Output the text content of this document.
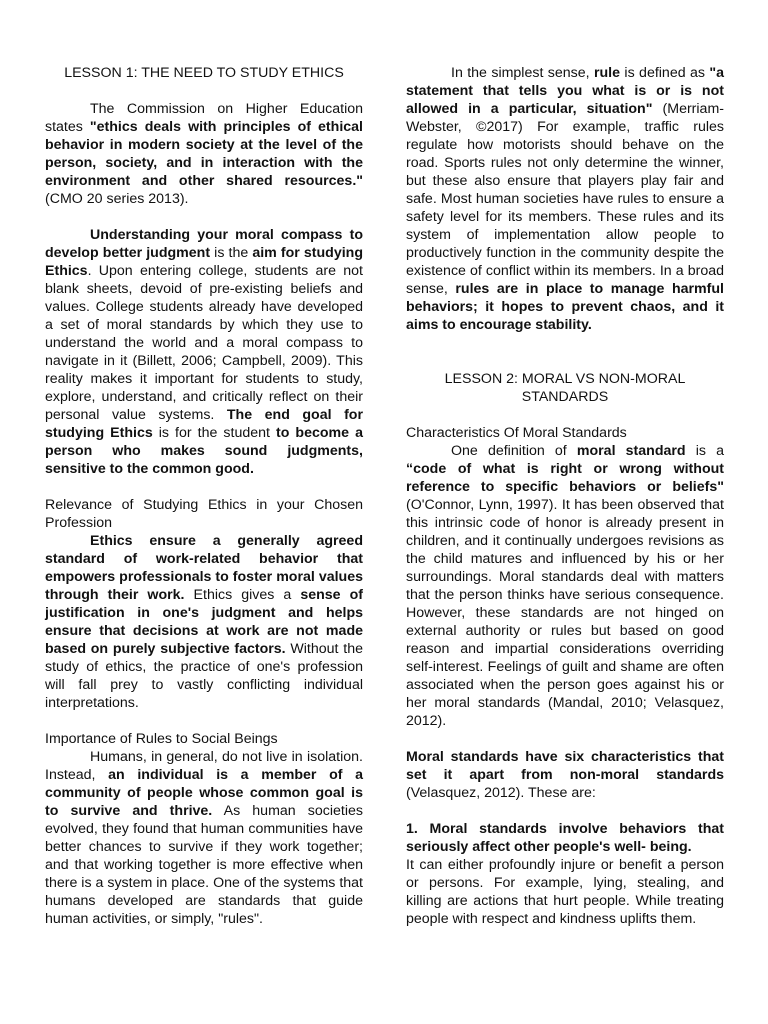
LESSON 1: THE NEED TO STUDY ETHICS

The Commission on Higher Education states "ethics deals with principles of ethical behavior in modern society at the level of the person, society, and in interaction with the environment and other shared resources." (CMO 20 series 2013).

Understanding your moral compass to develop better judgment is the aim for studying Ethics. Upon entering college, students are not blank sheets, devoid of pre-existing beliefs and values. College students already have developed a set of moral standards by which they use to understand the world and a moral compass to navigate in it (Billett, 2006; Campbell, 2009). This reality makes it important for students to study, explore, understand, and critically reflect on their personal value systems. The end goal for studying Ethics is for the student to become a person who makes sound judgments, sensitive to the common good.

Relevance of Studying Ethics in your Chosen Profession

Ethics ensure a generally agreed standard of work-related behavior that empowers professionals to foster moral values through their work. Ethics gives a sense of justification in one's judgment and helps ensure that decisions at work are not made based on purely subjective factors. Without the study of ethics, the practice of one's profession will fall prey to vastly conflicting individual interpretations.

Importance of Rules to Social Beings

Humans, in general, do not live in isolation. Instead, an individual is a member of a community of people whose common goal is to survive and thrive. As human societies evolved, they found that human communities have better chances to survive if they work together; and that working together is more effective when there is a system in place. One of the systems that humans developed are standards that guide human activities, or simply, "rules".

In the simplest sense, rule is defined as "a statement that tells you what is or is not allowed in a particular, situation" (Merriam-Webster, ©2017) For example, traffic rules regulate how motorists should behave on the road. Sports rules not only determine the winner, but these also ensure that players play fair and safe. Most human societies have rules to ensure a safety level for its members. These rules and its system of implementation allow people to productively function in the community despite the existence of conflict within its members. In a broad sense, rules are in place to manage harmful behaviors; it hopes to prevent chaos, and it aims to encourage stability.

LESSON 2: MORAL VS NON-MORAL
STANDARDS
Characteristics Of Moral Standards

One definition of moral standard is a “code of what is right or wrong without reference to specific behaviors or beliefs" (O'Connor, Lynn, 1997). It has been observed that this intrinsic code of honor is already present in children, and it continually undergoes revisions as the child matures and influenced by his or her surroundings. Moral standards deal with matters that the person thinks have serious consequence. However, these standards are not hinged on external authority or rules but based on good reason and impartial considerations overriding self-interest. Feelings of guilt and shame are often associated when the person goes against his or her moral standards (Mandal, 2010; Velasquez, 2012).

Moral standards have six characteristics that set it apart from non-moral standards (Velasquez, 2012). These are:

1. Moral standards involve behaviors that seriously affect other people's well- being.

It can either profoundly injure or benefit a person or persons. For example, lying, stealing, and killing are actions that hurt people. While treating people with respect and kindness uplifts them.
